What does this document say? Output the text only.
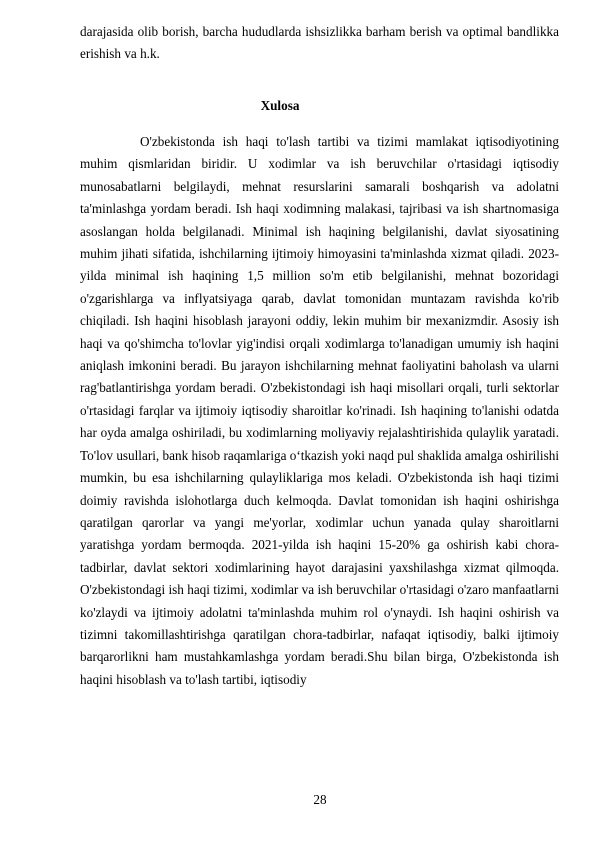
darajasida olib borish, barcha hududlarda ishsizlikka barham berish va optimal bandlikka erishish va h.k.
Xulosa
O'zbekistonda ish haqi to'lash tartibi va tizimi mamlakat iqtisodiyotining muhim qismlaridan biridir. U xodimlar va ish beruvchilar o'rtasidagi iqtisodiy munosabatlarni belgilaydi, mehnat resurslarini samarali boshqarish va adolatni ta'minlashga yordam beradi. Ish haqi xodimning malakasi, tajribasi va ish shartnomasiga asoslangan holda belgilanadi. Minimal ish haqining belgilanishi, davlat siyosatining muhim jihati sifatida, ishchilarning ijtimoiy himoyasini ta'minlashda xizmat qiladi. 2023-yilda minimal ish haqining 1,5 million so'm etib belgilanishi, mehnat bozoridagi o'zgarishlarga va inflyatsiyaga qarab, davlat tomonidan muntazam ravishda ko'rib chiqiladi. Ish haqini hisoblash jarayoni oddiy, lekin muhim bir mexanizmdir. Asosiy ish haqi va qo'shimcha to'lovlar yig'indisi orqali xodimlarga to'lanadigan umumiy ish haqini aniqlash imkonini beradi. Bu jarayon ishchilarning mehnat faoliyatini baholash va ularni rag'batlantirishga yordam beradi. O'zbekistondagi ish haqi misollari orqali, turli sektorlar o'rtasidagi farqlar va ijtimoiy iqtisodiy sharoitlar ko'rinadi. Ish haqining to'lanishi odatda har oyda amalga oshiriladi, bu xodimlarning moliyaviy rejalashtirishida qulaylik yaratadi. To'lov usullari, bank hisob raqamlariga o‘tkazish yoki naqd pul shaklida amalga oshirilishi mumkin, bu esa ishchilarning qulayliklariga mos keladi. O'zbekistonda ish haqi tizimi doimiy ravishda islohotlarga duch kelmoqda. Davlat tomonidan ish haqini oshirishga qaratilgan qarorlar va yangi me'yorlar, xodimlar uchun yanada qulay sharoitlarni yaratishga yordam bermoqda. 2021-yilda ish haqini 15-20% ga oshirish kabi chora-tadbirlar, davlat sektori xodimlarining hayot darajasini yaxshilashga xizmat qilmoqda. O'zbekistondagi ish haqi tizimi, xodimlar va ish beruvchilar o'rtasidagi o'zaro manfaatlarni ko'zlaydi va ijtimoiy adolatni ta'minlashda muhim rol o'ynaydi. Ish haqini oshirish va tizimni takomillashtirishga qaratilgan chora-tadbirlar, nafaqat iqtisodiy, balki ijtimoiy barqarorlikni ham mustahkamlashga yordam beradi.Shu bilan birga, O'zbekistonda ish haqini hisoblash va to'lash tartibi, iqtisodiy
28
